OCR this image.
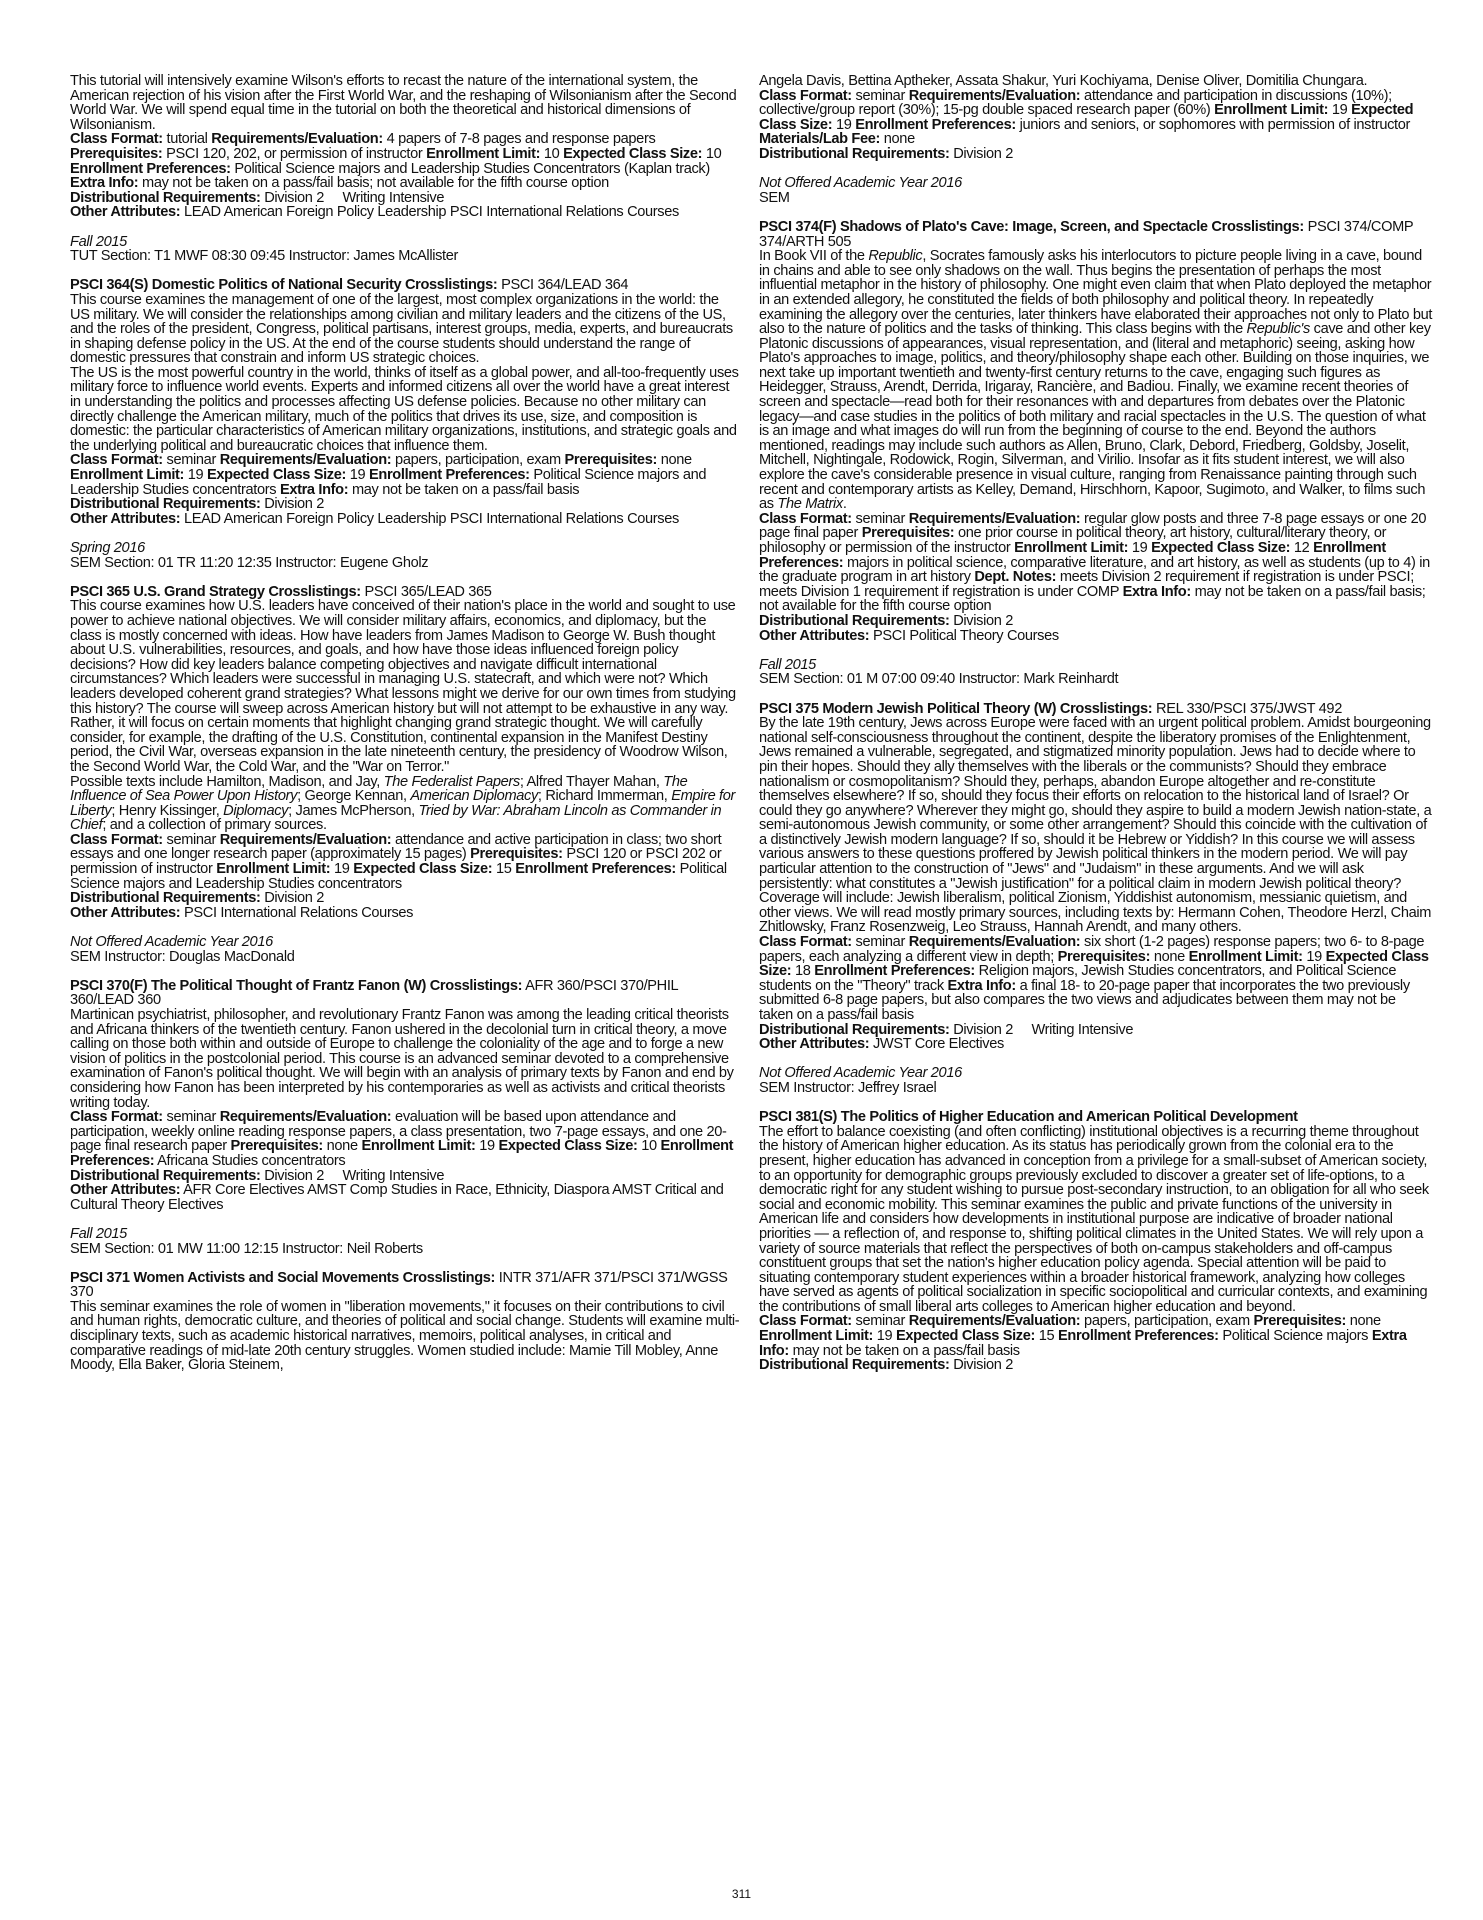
This tutorial will intensively examine Wilson's efforts to recast the nature of the international system, the American rejection of his vision after the First World War, and the reshaping of Wilsonianism after the Second World War. We will spend equal time in the tutorial on both the theoretical and historical dimensions of Wilsonianism.

Class Format: tutorial Requirements/Evaluation: 4 papers of 7-8 pages and response papers Prerequisites: PSCI 120, 202, or permission of instructor Enrollment Limit: 10 Expected Class Size: 10 Enrollment Preferences: Political Science majors and Leadership Studies Concentrators (Kaplan track) Extra Info: may not be taken on a pass/fail basis; not available for the fifth course option

Distributional Requirements: Division 2     Writing Intensive

Other Attributes: LEAD American Foreign Policy Leadership PSCI International Relations Courses

Fall 2015

TUT Section: T1 MWF 08:30 09:45 Instructor: James McAllister

PSCI 364(S) Domestic Politics of National Security Crosslistings: PSCI 364/LEAD 364

This course examines the management of one of the largest, most complex organizations in the world: the US military. We will consider the relationships among civilian and military leaders and the citizens of the US, and the roles of the president, Congress, political partisans, interest groups, media, experts, and bureaucrats in shaping defense policy in the US. At the end of the course students should understand the range of domestic pressures that constrain and inform US strategic choices.

The US is the most powerful country in the world, thinks of itself as a global power, and all-too-frequently uses military force to influence world events. Experts and informed citizens all over the world have a great interest in understanding the politics and processes affecting US defense policies. Because no other military can directly challenge the American military, much of the politics that drives its use, size, and composition is domestic: the particular characteristics of American military organizations, institutions, and strategic goals and the underlying political and bureaucratic choices that influence them.

Class Format: seminar Requirements/Evaluation: papers, participation, exam Prerequisites: none Enrollment Limit: 19 Expected Class Size: 19 Enrollment Preferences: Political Science majors and Leadership Studies concentrators Extra Info: may not be taken on a pass/fail basis

Distributional Requirements: Division 2

Other Attributes: LEAD American Foreign Policy Leadership PSCI International Relations Courses

Spring 2016

SEM Section: 01 TR 11:20 12:35 Instructor: Eugene Gholz

PSCI 365 U.S. Grand Strategy Crosslistings: PSCI 365/LEAD 365

This course examines how U.S. leaders have conceived of their nation's place in the world and sought to use power to achieve national objectives. We will consider military affairs, economics, and diplomacy, but the class is mostly concerned with ideas. How have leaders from James Madison to George W. Bush thought about U.S. vulnerabilities, resources, and goals, and how have those ideas influenced foreign policy decisions? How did key leaders balance competing objectives and navigate difficult international circumstances? Which leaders were successful in managing U.S. statecraft, and which were not? Which leaders developed coherent grand strategies? What lessons might we derive for our own times from studying this history? The course will sweep across American history but will not attempt to be exhaustive in any way. Rather, it will focus on certain moments that highlight changing grand strategic thought. We will carefully consider, for example, the drafting of the U.S. Constitution, continental expansion in the Manifest Destiny period, the Civil War, overseas expansion in the late nineteenth century, the presidency of Woodrow Wilson, the Second World War, the Cold War, and the "War on Terror."

Possible texts include Hamilton, Madison, and Jay, The Federalist Papers; Alfred Thayer Mahan, The Influence of Sea Power Upon History; George Kennan, American Diplomacy; Richard Immerman, Empire for Liberty; Henry Kissinger, Diplomacy; James McPherson, Tried by War: Abraham Lincoln as Commander in Chief; and a collection of primary sources.

Class Format: seminar Requirements/Evaluation: attendance and active participation in class; two short essays and one longer research paper (approximately 15 pages) Prerequisites: PSCI 120 or PSCI 202 or permission of instructor Enrollment Limit: 19 Expected Class Size: 15 Enrollment Preferences: Political Science majors and Leadership Studies concentrators

Distributional Requirements: Division 2

Other Attributes: PSCI International Relations Courses

Not Offered Academic Year 2016

SEM Instructor: Douglas MacDonald

PSCI 370(F) The Political Thought of Frantz Fanon (W) Crosslistings: AFR 360/PSCI 370/PHIL 360/LEAD 360

Martinican psychiatrist, philosopher, and revolutionary Frantz Fanon was among the leading critical theorists and Africana thinkers of the twentieth century. Fanon ushered in the decolonial turn in critical theory, a move calling on those both within and outside of Europe to challenge the coloniality of the age and to forge a new vision of politics in the postcolonial period. This course is an advanced seminar devoted to a comprehensive examination of Fanon's political thought. We will begin with an analysis of primary texts by Fanon and end by considering how Fanon has been interpreted by his contemporaries as well as activists and critical theorists writing today.

Class Format: seminar Requirements/Evaluation: evaluation will be based upon attendance and participation, weekly online reading response papers, a class presentation, two 7-page essays, and one 20-page final research paper Prerequisites: none Enrollment Limit: 19 Expected Class Size: 10 Enrollment Preferences: Africana Studies concentrators

Distributional Requirements: Division 2     Writing Intensive

Other Attributes: AFR Core Electives AMST Comp Studies in Race, Ethnicity, Diaspora AMST Critical and Cultural Theory Electives

Fall 2015

SEM Section: 01 MW 11:00 12:15 Instructor: Neil Roberts

PSCI 371 Women Activists and Social Movements Crosslistings: INTR 371/AFR 371/PSCI 371/WGSS 370

This seminar examines the role of women in "liberation movements," it focuses on their contributions to civil and human rights, democratic culture, and theories of political and social change. Students will examine multi-disciplinary texts, such as academic historical narratives, memoirs, political analyses, in critical and comparative readings of mid-late 20th century struggles. Women studied include: Mamie Till Mobley, Anne Moody, Ella Baker, Gloria Steinem,

Angela Davis, Bettina Aptheker, Assata Shakur, Yuri Kochiyama, Denise Oliver, Domitilia Chungara.

Class Format: seminar Requirements/Evaluation: attendance and participation in discussions (10%); collective/group report (30%); 15-pg double spaced research paper (60%) Enrollment Limit: 19 Expected Class Size: 19 Enrollment Preferences: juniors and seniors, or sophomores with permission of instructor Materials/Lab Fee: none

Distributional Requirements: Division 2

Not Offered Academic Year 2016

SEM

PSCI 374(F) Shadows of Plato's Cave: Image, Screen, and Spectacle Crosslistings: PSCI 374/COMP 374/ARTH 505

In Book VII of the Republic, Socrates famously asks his interlocutors to picture people living in a cave, bound in chains and able to see only shadows on the wall. Thus begins the presentation of perhaps the most influential metaphor in the history of philosophy. One might even claim that when Plato deployed the metaphor in an extended allegory, he constituted the fields of both philosophy and political theory. In repeatedly examining the allegory over the centuries, later thinkers have elaborated their approaches not only to Plato but also to the nature of politics and the tasks of thinking. This class begins with the Republic's cave and other key Platonic discussions of appearances, visual representation, and (literal and metaphoric) seeing, asking how Plato's approaches to image, politics, and theory/philosophy shape each other. Building on those inquiries, we next take up important twentieth and twenty-first century returns to the cave, engaging such figures as Heidegger, Strauss, Arendt, Derrida, Irigaray, Rancière, and Badiou. Finally, we examine recent theories of screen and spectacle—read both for their resonances with and departures from debates over the Platonic legacy—and case studies in the politics of both military and racial spectacles in the U.S. The question of what is an image and what images do will run from the beginning of course to the end. Beyond the authors mentioned, readings may include such authors as Allen, Bruno, Clark, Debord, Friedberg, Goldsby, Joselit, Mitchell, Nightingale, Rodowick, Rogin, Silverman, and Virilio. Insofar as it fits student interest, we will also explore the cave's considerable presence in visual culture, ranging from Renaissance painting through such recent and contemporary artists as Kelley, Demand, Hirschhorn, Kapoor, Sugimoto, and Walker, to films such as The Matrix.

Class Format: seminar Requirements/Evaluation: regular glow posts and three 7-8 page essays or one 20 page final paper Prerequisites: one prior course in political theory, art history, cultural/literary theory, or philosophy or permission of the instructor Enrollment Limit: 19 Expected Class Size: 12 Enrollment Preferences: majors in political science, comparative literature, and art history, as well as students (up to 4) in the graduate program in art history Dept. Notes: meets Division 2 requirement if registration is under PSCI; meets Division 1 requirement if registration is under COMP Extra Info: may not be taken on a pass/fail basis; not available for the fifth course option

Distributional Requirements: Division 2

Other Attributes: PSCI Political Theory Courses

Fall 2015

SEM Section: 01 M 07:00 09:40 Instructor: Mark Reinhardt

PSCI 375 Modern Jewish Political Theory (W) Crosslistings: REL 330/PSCI 375/JWST 492

By the late 19th century, Jews across Europe were faced with an urgent political problem. Amidst bourgeoning national self-consciousness throughout the continent, despite the liberatory promises of the Enlightenment, Jews remained a vulnerable, segregated, and stigmatized minority population. Jews had to decide where to pin their hopes. Should they ally themselves with the liberals or the communists? Should they embrace nationalism or cosmopolitanism? Should they, perhaps, abandon Europe altogether and re-constitute themselves elsewhere? If so, should they focus their efforts on relocation to the historical land of Israel? Or could they go anywhere? Wherever they might go, should they aspire to build a modern Jewish nation-state, a semi-autonomous Jewish community, or some other arrangement? Should this coincide with the cultivation of a distinctively Jewish modern language? If so, should it be Hebrew or Yiddish? In this course we will assess various answers to these questions proffered by Jewish political thinkers in the modern period. We will pay particular attention to the construction of "Jews" and "Judaism" in these arguments. And we will ask persistently: what constitutes a "Jewish justification" for a political claim in modern Jewish political theory? Coverage will include: Jewish liberalism, political Zionism, Yiddishist autonomism, messianic quietism, and other views. We will read mostly primary sources, including texts by: Hermann Cohen, Theodore Herzl, Chaim Zhitlowsky, Franz Rosenzweig, Leo Strauss, Hannah Arendt, and many others.

Class Format: seminar Requirements/Evaluation: six short (1-2 pages) response papers; two 6- to 8-page papers, each analyzing a different view in depth; Prerequisites: none Enrollment Limit: 19 Expected Class Size: 18 Enrollment Preferences: Religion majors, Jewish Studies concentrators, and Political Science students on the "Theory" track Extra Info: a final 18- to 20-page paper that incorporates the two previously submitted 6-8 page papers, but also compares the two views and adjudicates between them may not be taken on a pass/fail basis

Distributional Requirements: Division 2     Writing Intensive

Other Attributes: JWST Core Electives

Not Offered Academic Year 2016

SEM Instructor: Jeffrey Israel

PSCI 381(S) The Politics of Higher Education and American Political Development

The effort to balance coexisting (and often conflicting) institutional objectives is a recurring theme throughout the history of American higher education. As its status has periodically grown from the colonial era to the present, higher education has advanced in conception from a privilege for a small-subset of American society, to an opportunity for demographic groups previously excluded to discover a greater set of life-options, to a democratic right for any student wishing to pursue post-secondary instruction, to an obligation for all who seek social and economic mobility. This seminar examines the public and private functions of the university in American life and considers how developments in institutional purpose are indicative of broader national priorities — a reflection of, and response to, shifting political climates in the United States. We will rely upon a variety of source materials that reflect the perspectives of both on-campus stakeholders and off-campus constituent groups that set the nation's higher education policy agenda. Special attention will be paid to situating contemporary student experiences within a broader historical framework, analyzing how colleges have served as agents of political socialization in specific sociopolitical and curricular contexts, and examining the contributions of small liberal arts colleges to American higher education and beyond.

Class Format: seminar Requirements/Evaluation: papers, participation, exam Prerequisites: none Enrollment Limit: 19 Expected Class Size: 15 Enrollment Preferences: Political Science majors Extra Info: may not be taken on a pass/fail basis

Distributional Requirements: Division 2

311
